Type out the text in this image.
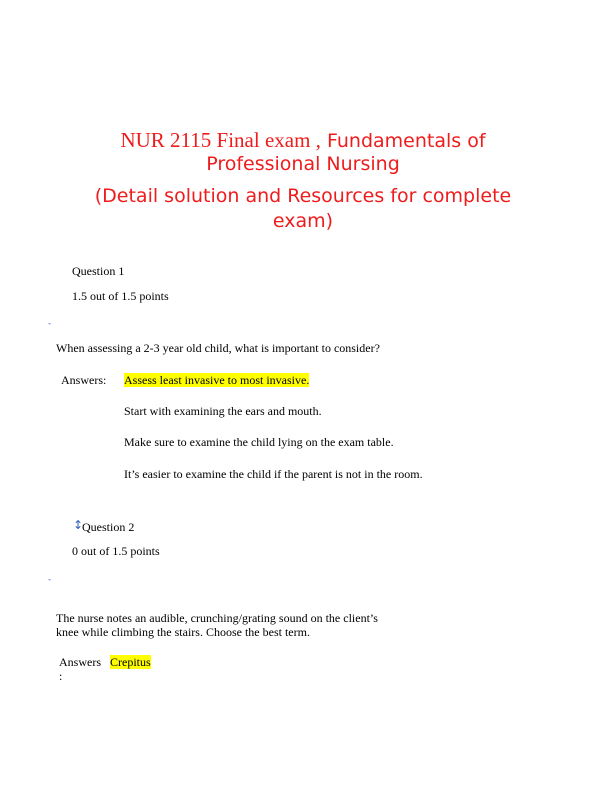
NUR 2115 Final exam , Fundamentals of
Professional Nursing
(Detail solution and Resources for complete exam)
Question 1
1.5 out of 1.5 points
-
When assessing a 2-3 year old child, what is important to consider?
Answers: Assess least invasive to most invasive.
Start with examining the ears and mouth.
Make sure to examine the child lying on the exam table.
It’s easier to examine the child if the parent is not in the room.
↕
Question 2
0 out of 1.5 points
-
The nurse notes an audible, crunching/grating sound on the client’s
knee while climbing the stairs. Choose the best term.
Answers
:
Crepitus
